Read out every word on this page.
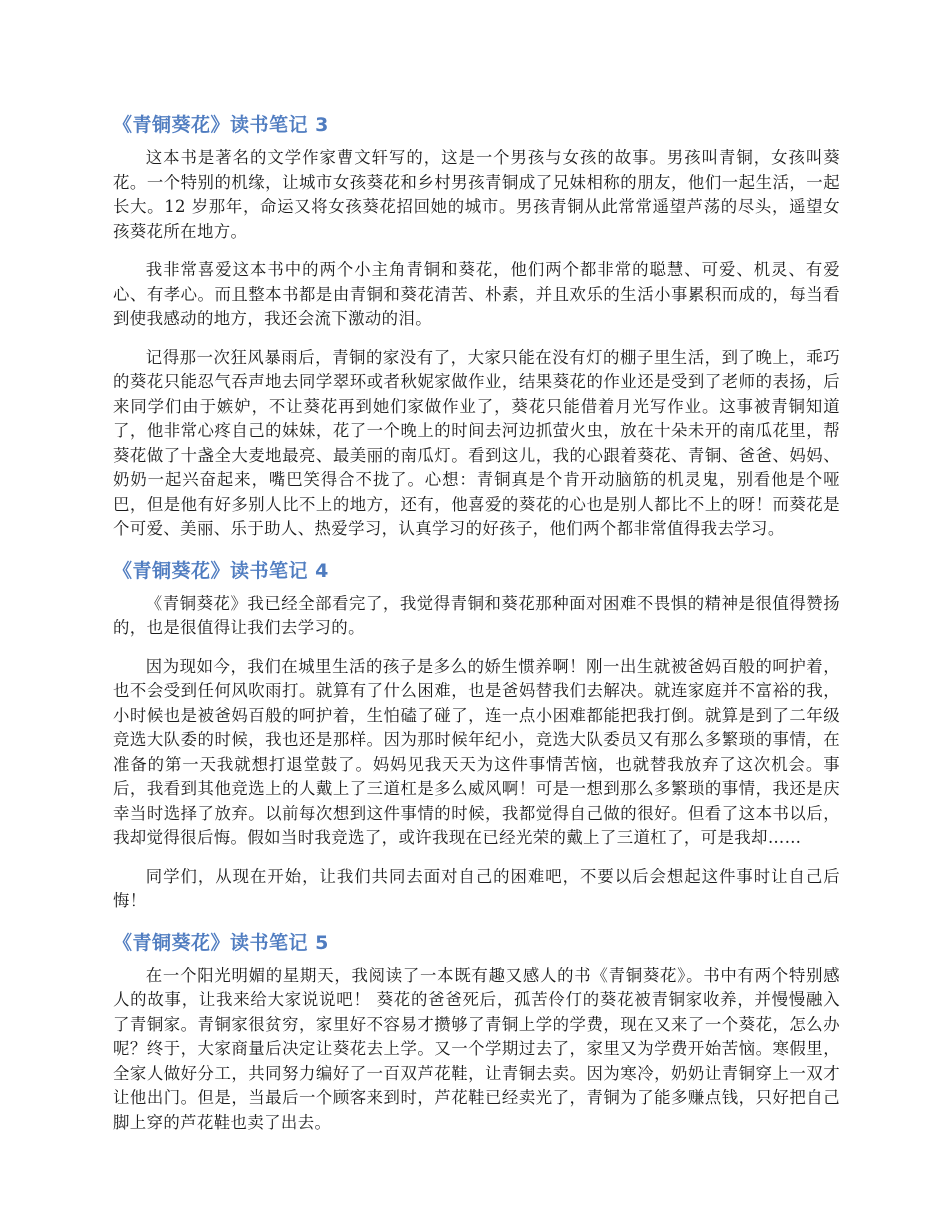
《青铜葵花》读书笔记 3

这本书是著名的文学作家曹文轩写的，这是一个男孩与女孩的故事。男孩叫青铜，女孩叫葵花。一个特别的机缘，让城市女孩葵花和乡村男孩青铜成了兄妹相称的朋友，他们一起生活，一起长大。12 岁那年，命运又将女孩葵花招回她的城市。男孩青铜从此常常遥望芦荡的尽头，遥望女孩葵花所在地方。

我非常喜爱这本书中的两个小主角青铜和葵花，他们两个都非常的聪慧、可爱、机灵、有爱心、有孝心。而且整本书都是由青铜和葵花清苦、朴素，并且欢乐的生活小事累积而成的，每当看到使我感动的地方，我还会流下激动的泪。

记得那一次狂风暴雨后，青铜的家没有了，大家只能在没有灯的棚子里生活，到了晚上，乖巧的葵花只能忍气吞声地去同学翠环或者秋妮家做作业，结果葵花的作业还是受到了老师的表扬，后来同学们由于嫉妒，不让葵花再到她们家做作业了，葵花只能借着月光写作业。这事被青铜知道了，他非常心疼自己的妹妹，花了一个晚上的时间去河边抓萤火虫，放在十朵未开的南瓜花里，帮葵花做了十盏全大麦地最亮、最美丽的南瓜灯。看到这儿，我的心跟着葵花、青铜、爸爸、妈妈、奶奶一起兴奋起来，嘴巴笑得合不拢了。心想：青铜真是个肯开动脑筋的机灵鬼，别看他是个哑巴，但是他有好多别人比不上的地方，还有，他喜爱的葵花的心也是别人都比不上的呀！而葵花是个可爱、美丽、乐于助人、热爱学习，认真学习的好孩子，他们两个都非常值得我去学习。

《青铜葵花》读书笔记 4

《青铜葵花》我已经全部看完了，我觉得青铜和葵花那种面对困难不畏惧的精神是很值得赞扬的，也是很值得让我们去学习的。

因为现如今，我们在城里生活的孩子是多么的娇生惯养啊！刚一出生就被爸妈百般的呵护着，也不会受到任何风吹雨打。就算有了什么困难，也是爸妈替我们去解决。就连家庭并不富裕的我，小时候也是被爸妈百般的呵护着，生怕磕了碰了，连一点小困难都能把我打倒。就算是到了二年级竞选大队委的时候，我也还是那样。因为那时候年纪小，竞选大队委员又有那么多繁琐的事情，在准备的第一天我就想打退堂鼓了。妈妈见我天天为这件事情苦恼，也就替我放弃了这次机会。事后，我看到其他竞选上的人戴上了三道杠是多么威风啊！可是一想到那么多繁琐的事情，我还是庆幸当时选择了放弃。以前每次想到这件事情的时候，我都觉得自己做的很好。但看了这本书以后，我却觉得很后悔。假如当时我竞选了，或许我现在已经光荣的戴上了三道杠了，可是我却……

同学们，从现在开始，让我们共同去面对自己的困难吧，不要以后会想起这件事时让自己后悔！

《青铜葵花》读书笔记 5

在一个阳光明媚的星期天，我阅读了一本既有趣又感人的书《青铜葵花》。书中有两个特别感人的故事，让我来给大家说说吧！ 葵花的爸爸死后，孤苦伶仃的葵花被青铜家收养，并慢慢融入了青铜家。青铜家很贫穷，家里好不容易才攒够了青铜上学的学费，现在又来了一个葵花，怎么办呢？终于，大家商量后决定让葵花去上学。又一个学期过去了，家里又为学费开始苦恼。寒假里，全家人做好分工，共同努力编好了一百双芦花鞋，让青铜去卖。因为寒冷，奶奶让青铜穿上一双才让他出门。但是，当最后一个顾客来到时，芦花鞋已经卖光了，青铜为了能多赚点钱，只好把自己脚上穿的芦花鞋也卖了出去。
